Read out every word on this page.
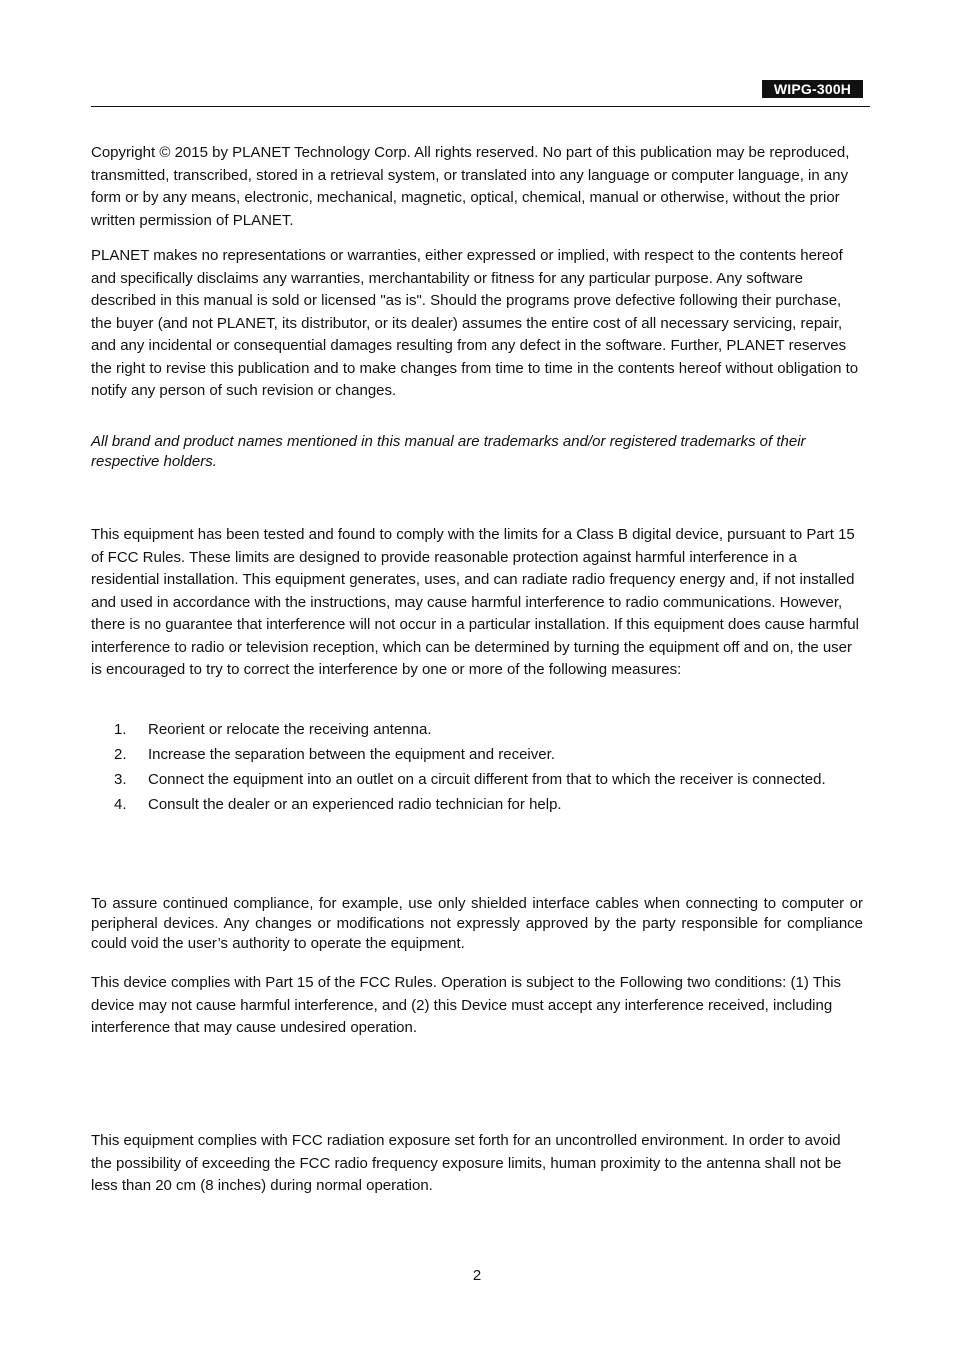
WIPG-300H

Copyright © 2015 by PLANET Technology Corp. All rights reserved. No part of this publication may be reproduced, transmitted, transcribed, stored in a retrieval system, or translated into any language or computer language, in any form or by any means, electronic, mechanical, magnetic, optical, chemical, manual or otherwise, without the prior written permission of PLANET.

PLANET makes no representations or warranties, either expressed or implied, with respect to the contents hereof and specifically disclaims any warranties, merchantability or fitness for any particular purpose. Any software described in this manual is sold or licensed "as is". Should the programs prove defective following their purchase, the buyer (and not PLANET, its distributor, or its dealer) assumes the entire cost of all necessary servicing, repair, and any incidental or consequential damages resulting from any defect in the software. Further, PLANET reserves the right to revise this publication and to make changes from time to time in the contents hereof without obligation to notify any person of such revision or changes.

All brand and product names mentioned in this manual are trademarks and/or registered trademarks of their respective holders.

This equipment has been tested and found to comply with the limits for a Class B digital device, pursuant to Part 15 of FCC Rules. These limits are designed to provide reasonable protection against harmful interference in a residential installation. This equipment generates, uses, and can radiate radio frequency energy and, if not installed and used in accordance with the instructions, may cause harmful interference to radio communications. However, there is no guarantee that interference will not occur in a particular installation. If this equipment does cause harmful interference to radio or television reception, which can be determined by turning the equipment off and on, the user is encouraged to try to correct the interference by one or more of the following measures:

1.	Reorient or relocate the receiving antenna.
2.	Increase the separation between the equipment and receiver.
3.	Connect the equipment into an outlet on a circuit different from that to which the receiver is connected.
4.	Consult the dealer or an experienced radio technician for help.

To assure continued compliance, for example, use only shielded interface cables when connecting to computer or peripheral devices. Any changes or modifications not expressly approved by the party responsible for compliance could void the user’s authority to operate the equipment.

This device complies with Part 15 of the FCC Rules. Operation is subject to the Following two conditions: (1) This device may not cause harmful interference, and (2) this Device must accept any interference received, including interference that may cause undesired operation.

This equipment complies with FCC radiation exposure set forth for an uncontrolled environment. In order to avoid the possibility of exceeding the FCC radio frequency exposure limits, human proximity to the antenna shall not be less than 20 cm (8 inches) during normal operation.

2
